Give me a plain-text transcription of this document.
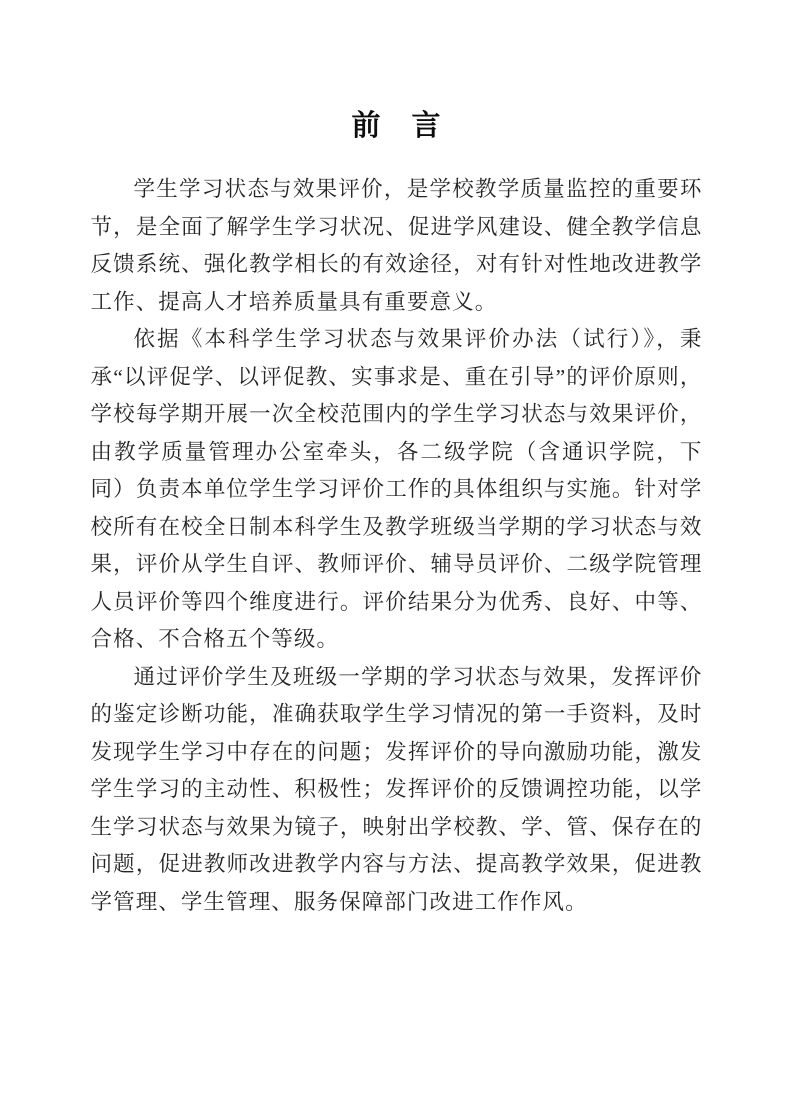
前　言

学生学习状态与效果评价，是学校教学质量监控的重要环节，是全面了解学生学习状况、促进学风建设、健全教学信息反馈系统、强化教学相长的有效途径，对有针对性地改进教学工作、提高人才培养质量具有重要意义。

依据《本科学生学习状态与效果评价办法（试行）》，秉承“以评促学、以评促教、实事求是、重在引导”的评价原则，学校每学期开展一次全校范围内的学生学习状态与效果评价，由教学质量管理办公室牵头，各二级学院（含通识学院，下同）负责本单位学生学习评价工作的具体组织与实施。针对学校所有在校全日制本科学生及教学班级当学期的学习状态与效果，评价从学生自评、教师评价、辅导员评价、二级学院管理人员评价等四个维度进行。评价结果分为优秀、良好、中等、合格、不合格五个等级。

通过评价学生及班级一学期的学习状态与效果，发挥评价的鉴定诊断功能，准确获取学生学习情况的第一手资料，及时发现学生学习中存在的问题；发挥评价的导向激励功能，激发学生学习的主动性、积极性；发挥评价的反馈调控功能，以学生学习状态与效果为镜子，映射出学校教、学、管、保存在的问题，促进教师改进教学内容与方法、提高教学效果，促进教学管理、学生管理、服务保障部门改进工作作风。
